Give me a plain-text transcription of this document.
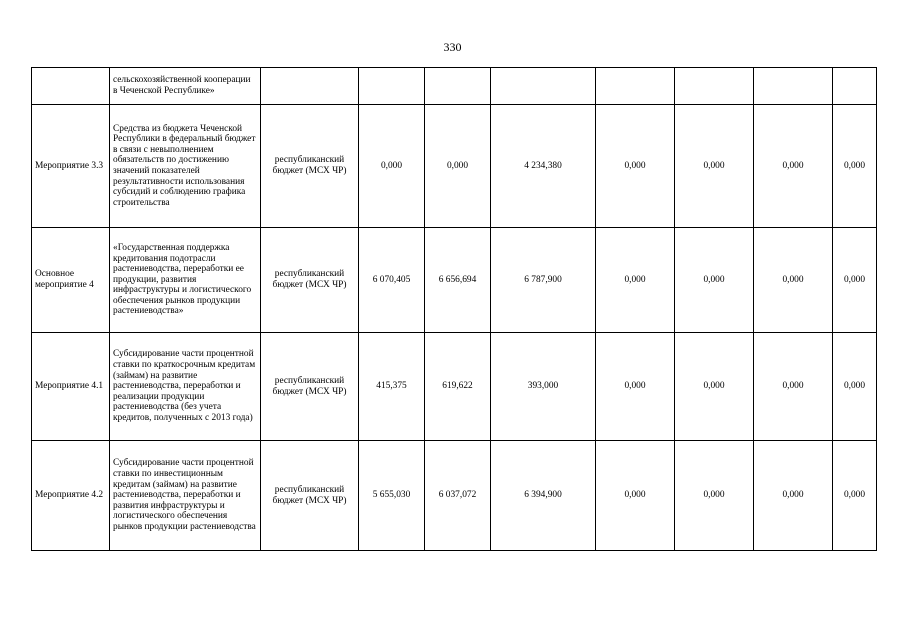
330
	сельскохозяйственной кооперации в Чеченской Республике»								
Мероприятие 3.3	Средства из бюджета Чеченской Республики в федеральный бюджет в связи с невыполнением обязательств по достижению значений показателей результативности использования субсидий и соблюдению графика строительства	республиканский бюджет (МСХ ЧР)	0,000	0,000	4 234,380	0,000	0,000	0,000	0,000
Основное мероприятие 4	«Государственная поддержка кредитования подотрасли растениеводства, переработки ее продукции, развития инфраструктуры и логистического обеспечения рынков продукции растениеводства»	республиканский бюджет (МСХ ЧР)	6 070,405	6 656,694	6 787,900	0,000	0,000	0,000	0,000
Мероприятие 4.1	Субсидирование части процентной ставки по краткосрочным кредитам (займам) на развитие растениеводства, переработки и реализации продукции растениеводства (без учета кредитов, полученных с 2013 года)	республиканский бюджет (МСХ ЧР)	415,375	619,622	393,000	0,000	0,000	0,000	0,000
Мероприятие 4.2	Субсидирование части процентной ставки по инвестиционным кредитам (займам) на развитие растениеводства, переработки и развития инфраструктуры и логистического обеспечения рынков продукции растениеводства	республиканский бюджет (МСХ ЧР)	5 655,030	6 037,072	6 394,900	0,000	0,000	0,000	0,000
